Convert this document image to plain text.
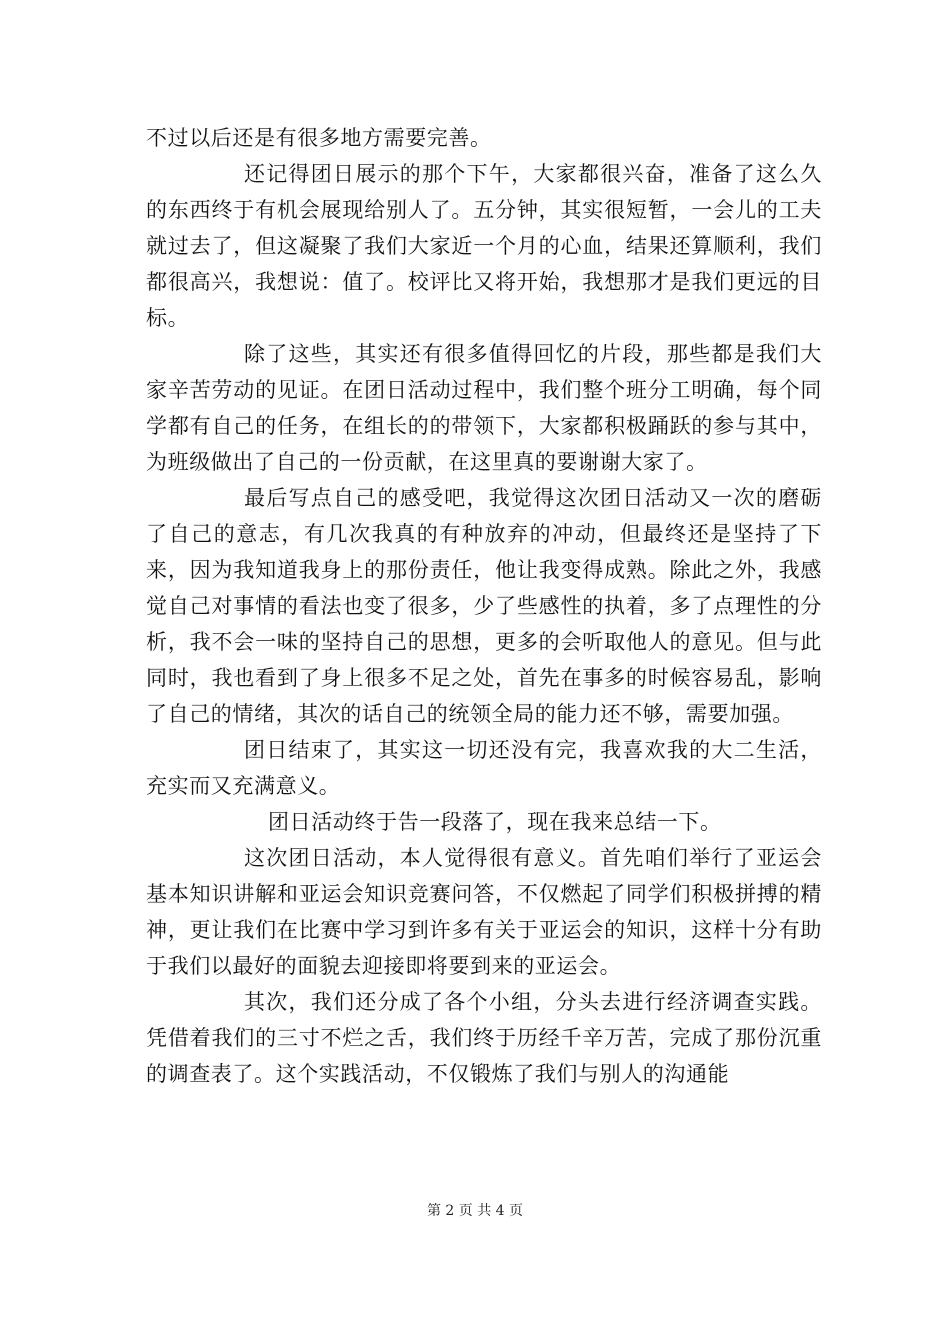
不过以后还是有很多地方需要完善。

还记得团日展示的那个下午，大家都很兴奋，准备了这么久的东西终于有机会展现给别人了。五分钟，其实很短暂，一会儿的工夫就过去了，但这凝聚了我们大家近一个月的心血，结果还算顺利，我们都很高兴，我想说：值了。校评比又将开始，我想那才是我们更远的目标。

除了这些，其实还有很多值得回忆的片段，那些都是我们大家辛苦劳动的见证。在团日活动过程中，我们整个班分工明确，每个同学都有自己的任务，在组长的的带领下，大家都积极踊跃的参与其中，为班级做出了自己的一份贡献，在这里真的要谢谢大家了。

最后写点自己的感受吧，我觉得这次团日活动又一次的磨砺了自己的意志，有几次我真的有种放弃的冲动，但最终还是坚持了下来，因为我知道我身上的那份责任，他让我变得成熟。除此之外，我感觉自己对事情的看法也变了很多，少了些感性的执着，多了点理性的分析，我不会一味的坚持自己的思想，更多的会听取他人的意见。但与此同时，我也看到了身上很多不足之处，首先在事多的时候容易乱，影响了自己的情绪，其次的话自己的统领全局的能力还不够，需要加强。

团日结束了，其实这一切还没有完，我喜欢我的大二生活，充实而又充满意义。

团日活动终于告一段落了，现在我来总结一下。

这次团日活动，本人觉得很有意义。首先咱们举行了亚运会基本知识讲解和亚运会知识竞赛问答，不仅燃起了同学们积极拼搏的精神，更让我们在比赛中学习到许多有关于亚运会的知识，这样十分有助于我们以最好的面貌去迎接即将要到来的亚运会。

其次，我们还分成了各个小组，分头去进行经济调查实践。凭借着我们的三寸不烂之舌，我们终于历经千辛万苦，完成了那份沉重的调查表了。这个实践活动，不仅锻炼了我们与别人的沟通能

第 2 页 共 4 页
